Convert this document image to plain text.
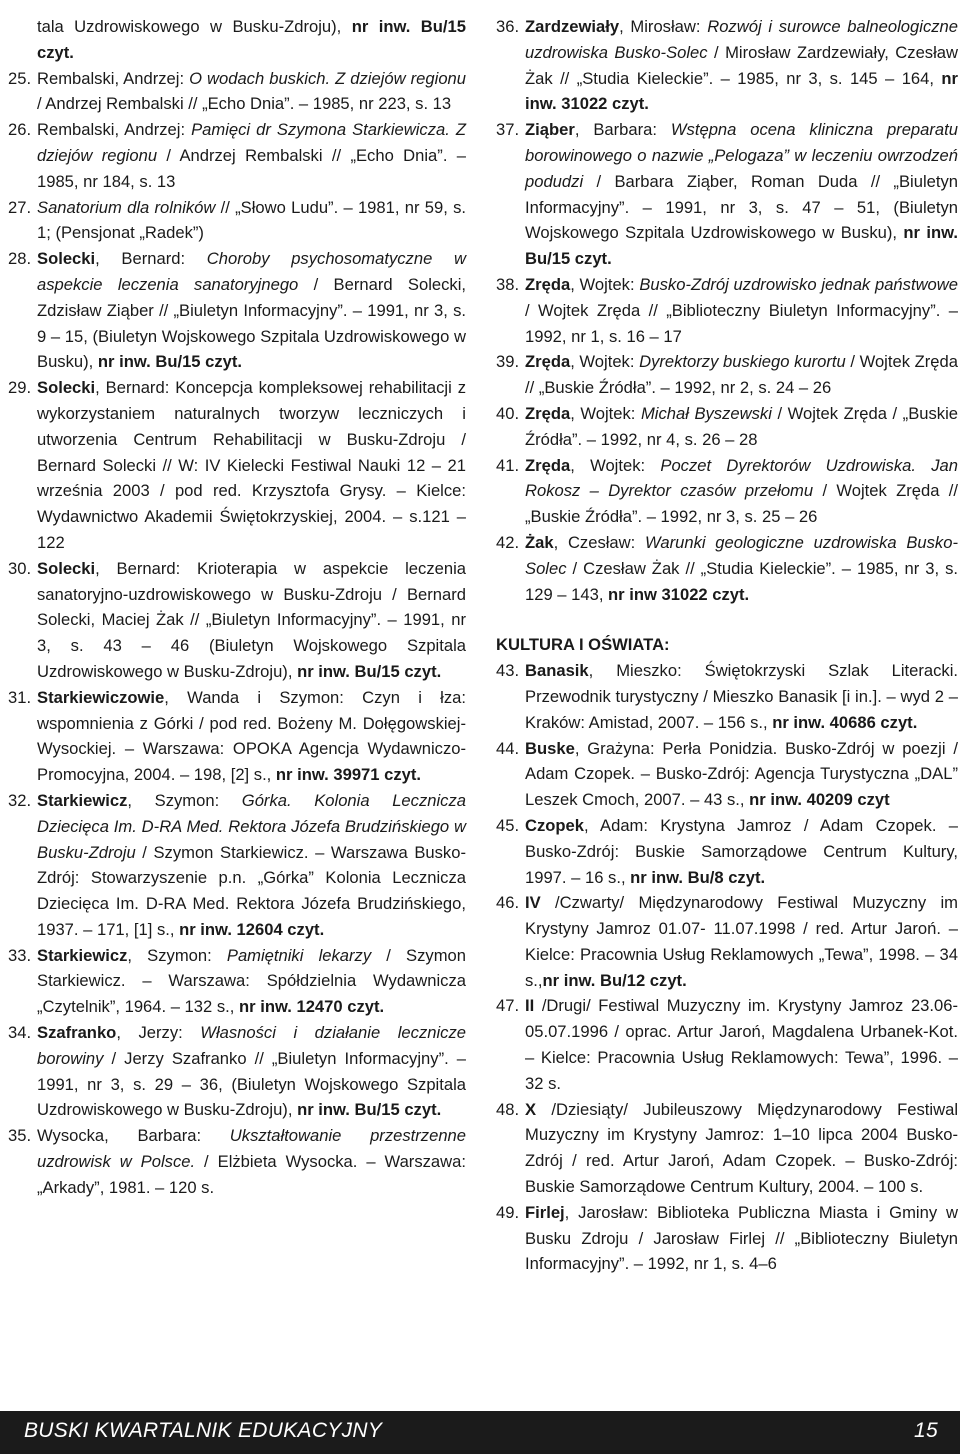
tala Uzdrowiskowego w Busku-Zdroju), nr inw. Bu/15 czyt.
25. Rembalski, Andrzej: O wodach buskich. Z dziejów regionu / Andrzej Rembalski // „Echo Dnia”. – 1985, nr 223, s. 13
26. Rembalski, Andrzej: Pamięci dr Szymona Starkiewicza. Z dziejów regionu / Andrzej Rembalski // „Echo Dnia”. – 1985, nr 184, s. 13
27. Sanatorium dla rolników // „Słowo Ludu”. – 1981, nr 59, s. 1; (Pensjonat „Radek”)
28. Solecki, Bernard: Choroby psychosomatyczne w aspekcie leczenia sanatoryjnego / Bernard Solecki, Zdzisław Ziąber // „Biuletyn Informacyjny”. – 1991, nr 3, s. 9 – 15, (Biuletyn Wojskowego Szpitala Uzdrowiskowego w Busku), nr inw. Bu/15 czyt.
29. Solecki, Bernard: Koncepcja kompleksowej rehabilitacji z wykorzystaniem naturalnych tworzyw leczniczych i utworzenia Centrum Rehabilitacji w Busku-Zdroju / Bernard Solecki // W: IV Kielecki Festiwal Nauki 12 – 21 września 2003 / pod red. Krzysztofa Grysy. – Kielce: Wydawnictwo Akademii Świętokrzyskiej, 2004. – s.121 – 122
30. Solecki, Bernard: Krioterapia w aspekcie leczenia sanatoryjno-uzdrowiskowego w Busku-Zdroju / Bernard Solecki, Maciej Żak // „Biuletyn Informacyjny”. – 1991, nr 3, s. 43 – 46 (Biuletyn Wojskowego Szpitala Uzdrowiskowego w Busku-Zdroju), nr inw. Bu/15 czyt.
31. Starkiewiczowie, Wanda i Szymon: Czyn i łza: wspomnienia z Górki / pod red. Bożeny M. Dołęgowskiej-Wysockiej. – Warszawa: OPOKA Agencja Wydawniczo-Promocyjna, 2004. – 198, [2] s., nr inw. 39971 czyt.
32. Starkiewicz, Szymon: Górka. Kolonia Lecznicza Dziecięca Im. D-RA Med. Rektora Józefa Brudzińskiego w Busku-Zdroju / Szymon Starkiewicz. – Warszawa Busko-Zdrój: Stowarzyszenie p.n. „Górka” Kolonia Lecznicza Dziecięca Im. D-RA Med. Rektora Józefa Brudzińskiego, 1937. – 171, [1] s., nr inw. 12604 czyt.
33. Starkiewicz, Szymon: Pamiętniki lekarzy / Szymon Starkiewicz. – Warszawa: Spółdzielnia Wydawnicza „Czytelnik”, 1964. – 132 s., nr inw. 12470 czyt.
34. Szafranko, Jerzy: Własności i działanie lecznicze borowiny / Jerzy Szafranko // „Biuletyn Informacyjny”. – 1991, nr 3, s. 29 – 36, (Biuletyn Wojskowego Szpitala Uzdrowiskowego w Busku-Zdroju), nr inw. Bu/15 czyt.
35. Wysocka, Barbara: Ukształtowanie przestrzenne uzdrowisk w Polsce. / Elżbieta Wysocka. – Warszawa: „Arkady”, 1981. – 120 s.
36. Zardzewiały, Mirosław: Rozwój i surowce balneologiczne uzdrowiska Busko-Solec / Mirosław Zardzewiały, Czesław Żak // „Studia Kieleckie”. – 1985, nr 3, s. 145 – 164, nr inw. 31022 czyt.
37. Ziąber, Barbara: Wstępna ocena kliniczna preparatu borowinowego o nazwie „Pelogaza” w leczeniu owrzodzeń podudzi / Barbara Ziąber, Roman Duda // „Biuletyn Informacyjny”. – 1991, nr 3, s. 47 – 51, (Biuletyn Wojskowego Szpitala Uzdrowiskowego w Busku), nr inw. Bu/15 czyt.
38. Zręda, Wojtek: Busko-Zdrój uzdrowisko jednak państwowe / Wojtek Zręda // „Biblioteczny Biuletyn Informacyjny”. – 1992, nr 1, s. 16 – 17
39. Zręda, Wojtek: Dyrektorzy buskiego kurortu / Wojtek Zręda // „Buskie Źródła”. – 1992, nr 2, s. 24 – 26
40. Zręda, Wojtek: Michał Byszewski / Wojtek Zręda / „Buskie Źródła”. – 1992, nr 4, s. 26 – 28
41. Zręda, Wojtek: Poczet Dyrektorów Uzdrowiska. Jan Rokosz – Dyrektor czasów przełomu / Wojtek Zręda // „Buskie Źródła”. – 1992, nr 3, s. 25 – 26
42. Żak, Czesław: Warunki geologiczne uzdrowiska Busko-Solec / Czesław Żak // „Studia Kieleckie”. – 1985, nr 3, s. 129 – 143, nr inw 31022 czyt.
KULTURA I OŚWIATA:
43. Banasik, Mieszko: Świętokrzyski Szlak Literacki. Przewodnik turystyczny / Mieszko Banasik [i in.]. – wyd 2 – Kraków: Amistad, 2007. – 156 s., nr inw. 40686 czyt.
44. Buske, Grażyna: Perła Ponidzia. Busko-Zdrój w poezji / Adam Czopek. – Busko-Zdrój: Agencja Turystyczna „DAL” Leszek Cmoch, 2007. – 43 s., nr inw. 40209 czyt
45. Czopek, Adam: Krystyna Jamroz / Adam Czopek. – Busko-Zdrój: Buskie Samorządowe Centrum Kultury, 1997. – 16 s., nr inw. Bu/8 czyt.
46. IV /Czwarty/ Międzynarodowy Festiwal Muzyczny im Krystyny Jamroz 01.07- 11.07.1998 / red. Artur Jaroń. – Kielce: Pracownia Usług Reklamowych „Tewa”, 1998. – 34 s.,nr inw. Bu/12 czyt.
47. II /Drugi/ Festiwal Muzyczny im. Krystyny Jamroz 23.06-05.07.1996 / oprac. Artur Jaroń, Magdalena Urbanek-Kot. – Kielce: Pracownia Usług Reklamowych: Tewa”, 1996. – 32 s.
48. X /Dziesiąty/ Jubileuszowy Międzynarodowy Festiwal Muzyczny im Krystyny Jamroz: 1–10 lipca 2004 Busko-Zdrój / red. Artur Jaroń, Adam Czopek. – Busko-Zdrój: Buskie Samorządowe Centrum Kultury, 2004. – 100 s.
49. Firlej, Jarosław: Biblioteka Publiczna Miasta i Gminy w Busku Zdroju / Jarosław Firlej // „Biblioteczny Biuletyn Informacyjny”. – 1992, nr 1, s. 4–6
BUSKI KWARTALNIK EDUKACYJNY	15
